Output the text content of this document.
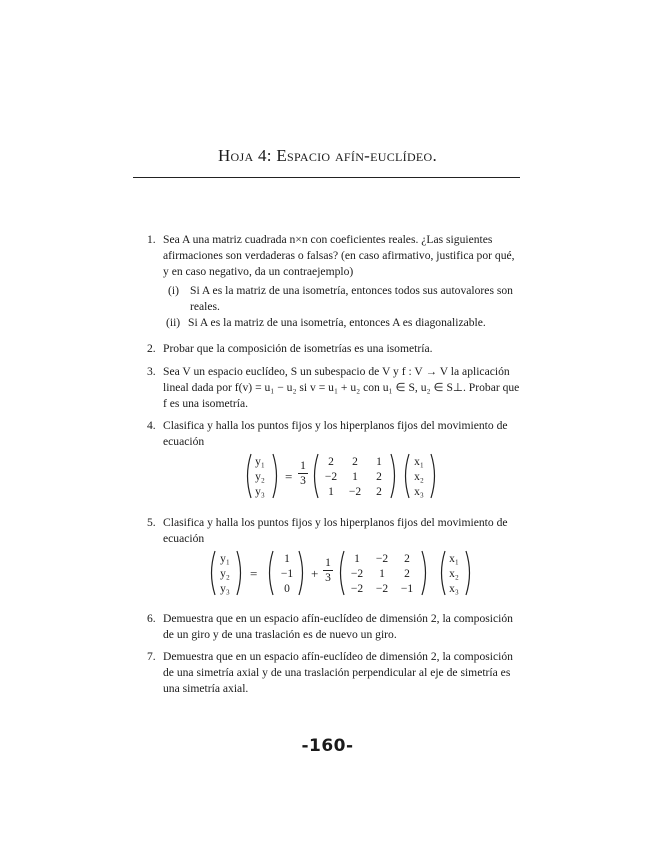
Hoja 4: Espacio afín-euclídeo.
1. Sea A una matriz cuadrada n×n con coeficientes reales. ¿Las siguientes afirmaciones son verdaderas o falsas? (en caso afirmativo, justifica por qué, y en caso negativo, da un contraejemplo)
(i) Si A es la matriz de una isometría, entonces todos sus autovalores son reales.
(ii) Si A es la matriz de una isometría, entonces A es diagonalizable.
2. Probar que la composición de isometrías es una isometría.
3. Sea V un espacio euclídeo, S un subespacio de V y f : V → V la aplicación lineal dada por f(v) = u₁ − u₂ si v = u₁ + u₂ con u₁ ∈ S, u₂ ∈ S⊥. Probar que f es una isometría.
4. Clasifica y halla los puntos fijos y los hiperplanos fijos del movimiento de ecuación
y₁
y₂
y₃
=
1
3
2	2	1
−2	1	2
1	−2	2
x₁
x₂
x₃
5. Clasifica y halla los puntos fijos y los hiperplanos fijos del movimiento de ecuación
y₁
y₂
y₃
=
1
−1
0
+
1
3
1	−2	2
−2	1	2
−2	−2	−1
x₁
x₂
x₃
6. Demuestra que en un espacio afín-euclídeo de dimensión 2, la composición de un giro y de una traslación es de nuevo un giro.
7. Demuestra que en un espacio afín-euclídeo de dimensión 2, la composición de una simetría axial y de una traslación perpendicular al eje de simetría es una simetría axial.
-160-
